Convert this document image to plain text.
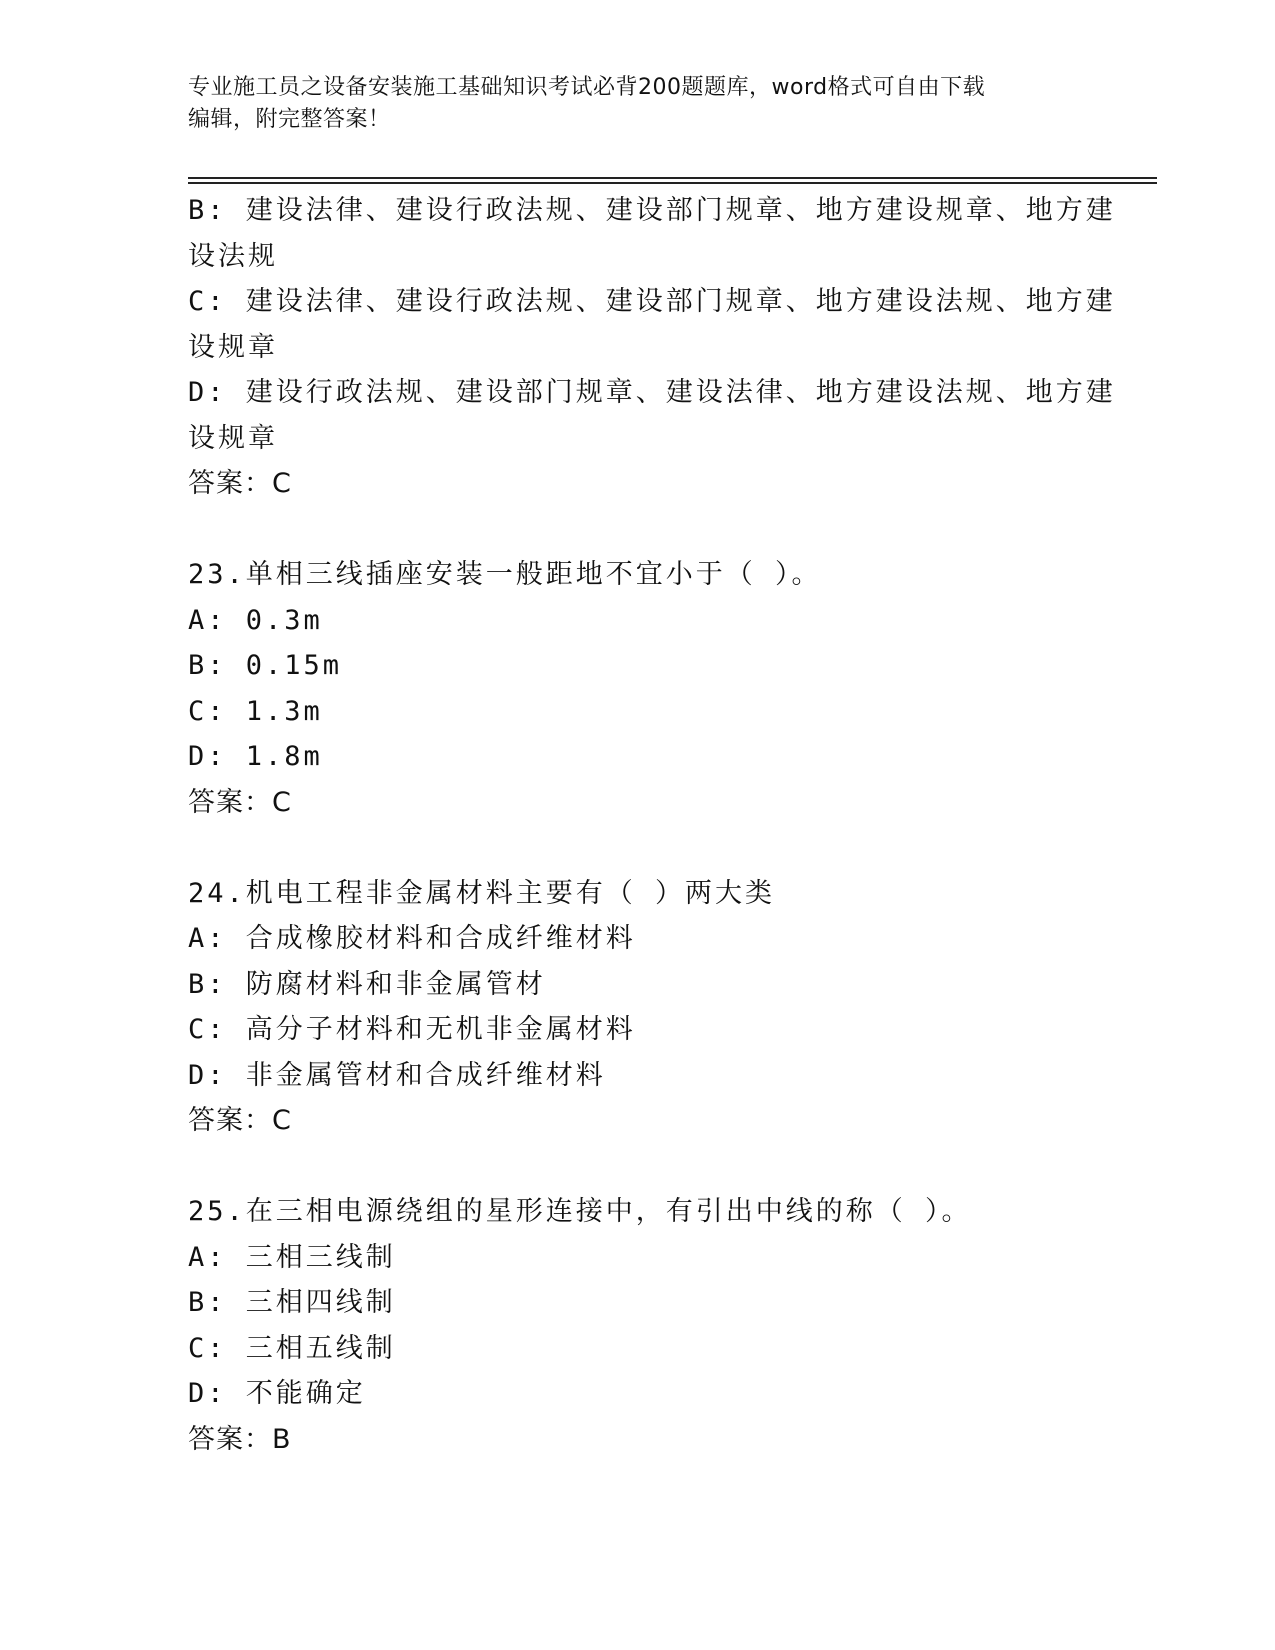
专业施工员之设备安装施工基础知识考试必背200题题库，word格式可自由下载
编辑，附完整答案！
B: 建设法律、建设行政法规、建设部门规章、地方建设规章、地方建
设法规
C: 建设法律、建设行政法规、建设部门规章、地方建设法规、地方建
设规章
D: 建设行政法规、建设部门规章、建设法律、地方建设法规、地方建
设规章
答案：C
23.单相三线插座安装一般距地不宜小于（ ）。
A: 0.3m
B: 0.15m
C: 1.3m
D: 1.8m
答案：C
24.机电工程非金属材料主要有（ ）两大类
A: 合成橡胶材料和合成纤维材料
B: 防腐材料和非金属管材
C: 高分子材料和无机非金属材料
D: 非金属管材和合成纤维材料
答案：C
25.在三相电源绕组的星形连接中，有引出中线的称（ ）。
A: 三相三线制
B: 三相四线制
C: 三相五线制
D: 不能确定
答案：B
